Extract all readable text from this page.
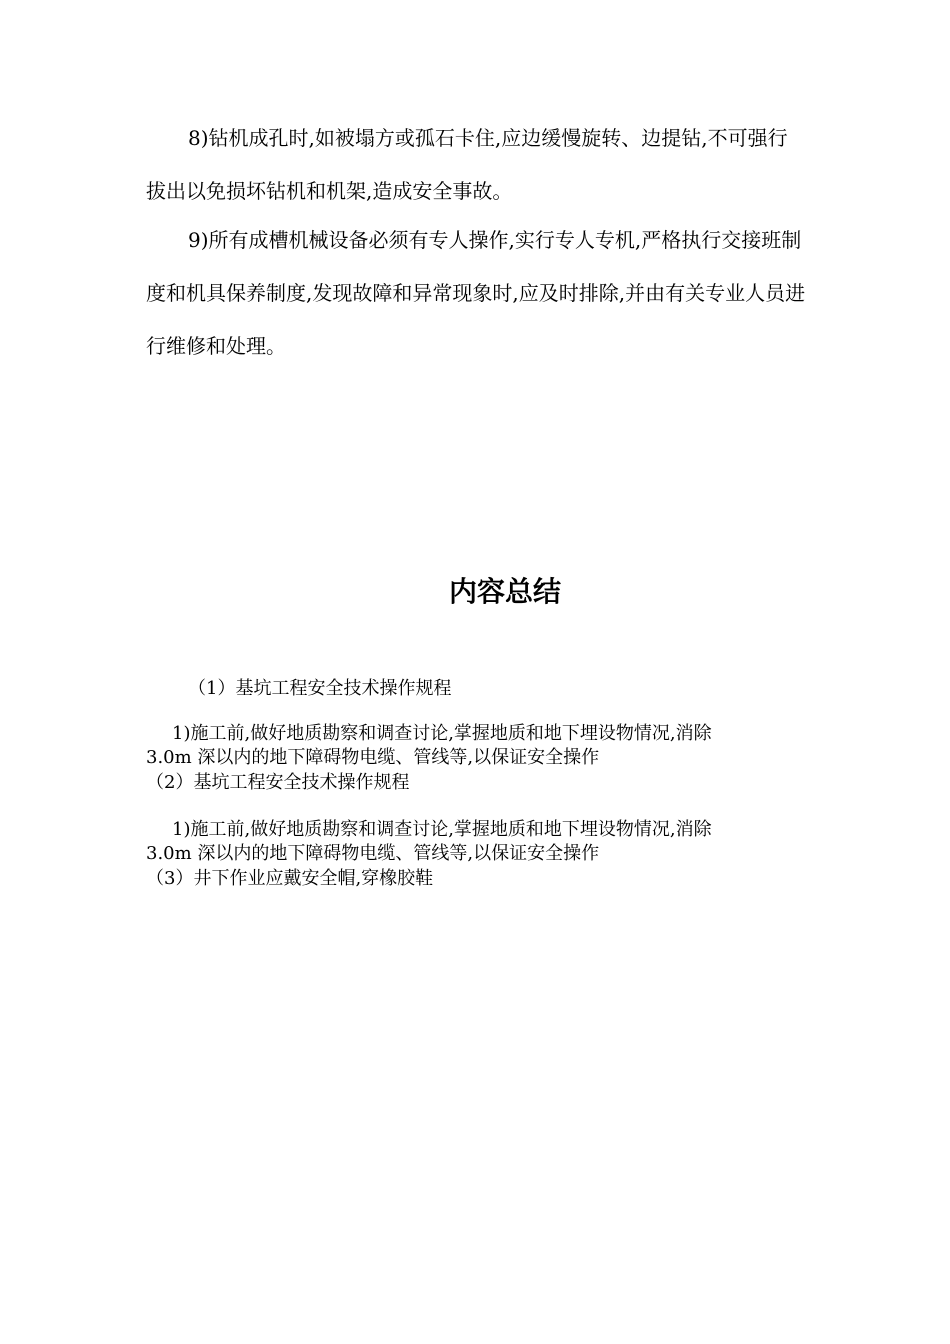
8)钻机成孔时,如被塌方或孤石卡住,应边缓慢旋转、边提钻,不可强行拔出以免损坏钻机和机架,造成安全事故。

9)所有成槽机械设备必须有专人操作,实行专人专机,严格执行交接班制度和机具保养制度,发现故障和异常现象时,应及时排除,并由有关专业人员进行维修和处理。

内容总结
（1）基坑工程安全技术操作规程
1)施工前,做好地质勘察和调查讨论,掌握地质和地下埋设物情况,消除
3.0m 深以内的地下障碍物电缆、管线等,以保证安全操作
（2）基坑工程安全技术操作规程
1)施工前,做好地质勘察和调查讨论,掌握地质和地下埋设物情况,消除
3.0m 深以内的地下障碍物电缆、管线等,以保证安全操作
（3）井下作业应戴安全帽,穿橡胶鞋
